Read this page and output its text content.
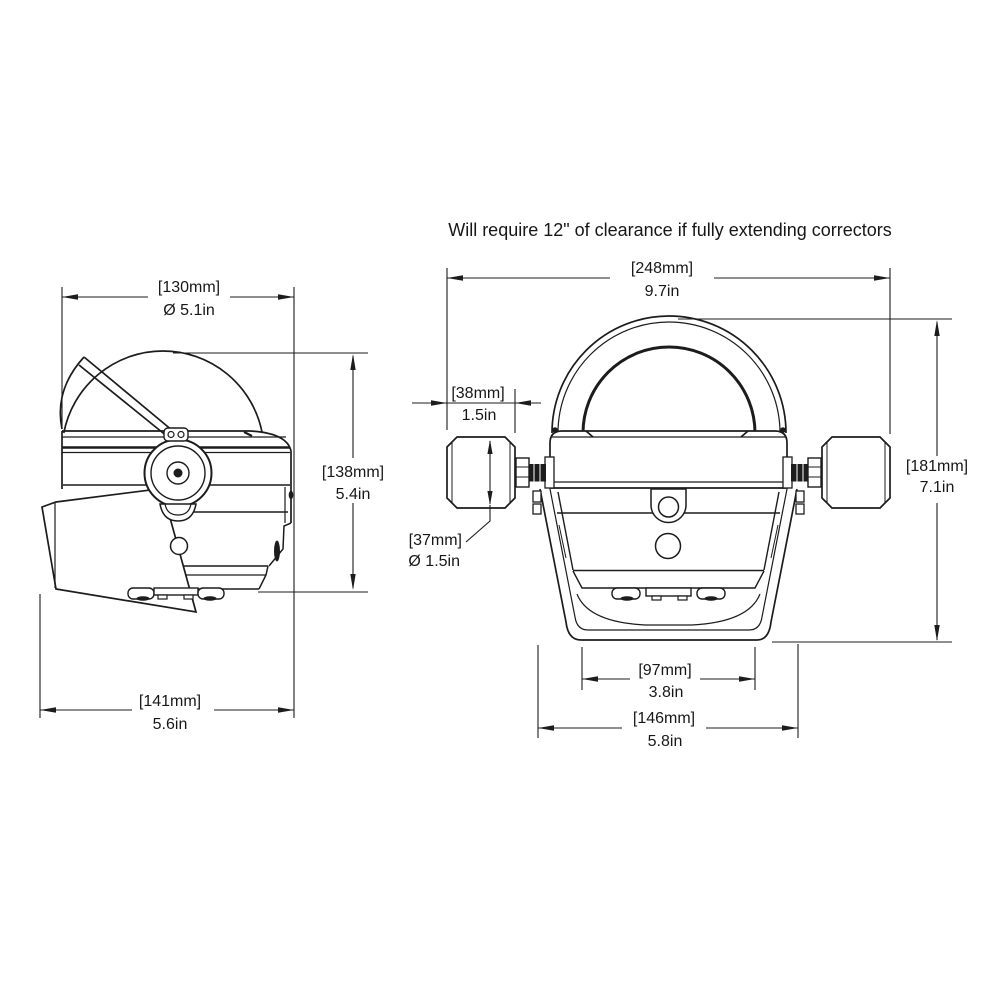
Will require 12" of clearance if fully extending correctors
[130mm]
Ø 5.1in
[138mm]
5.4in
[141mm]
5.6in
[248mm]
9.7in
[38mm]
1.5in
[37mm]
Ø 1.5in
[181mm]
7.1in
[97mm]
3.8in
[146mm]
5.8in
